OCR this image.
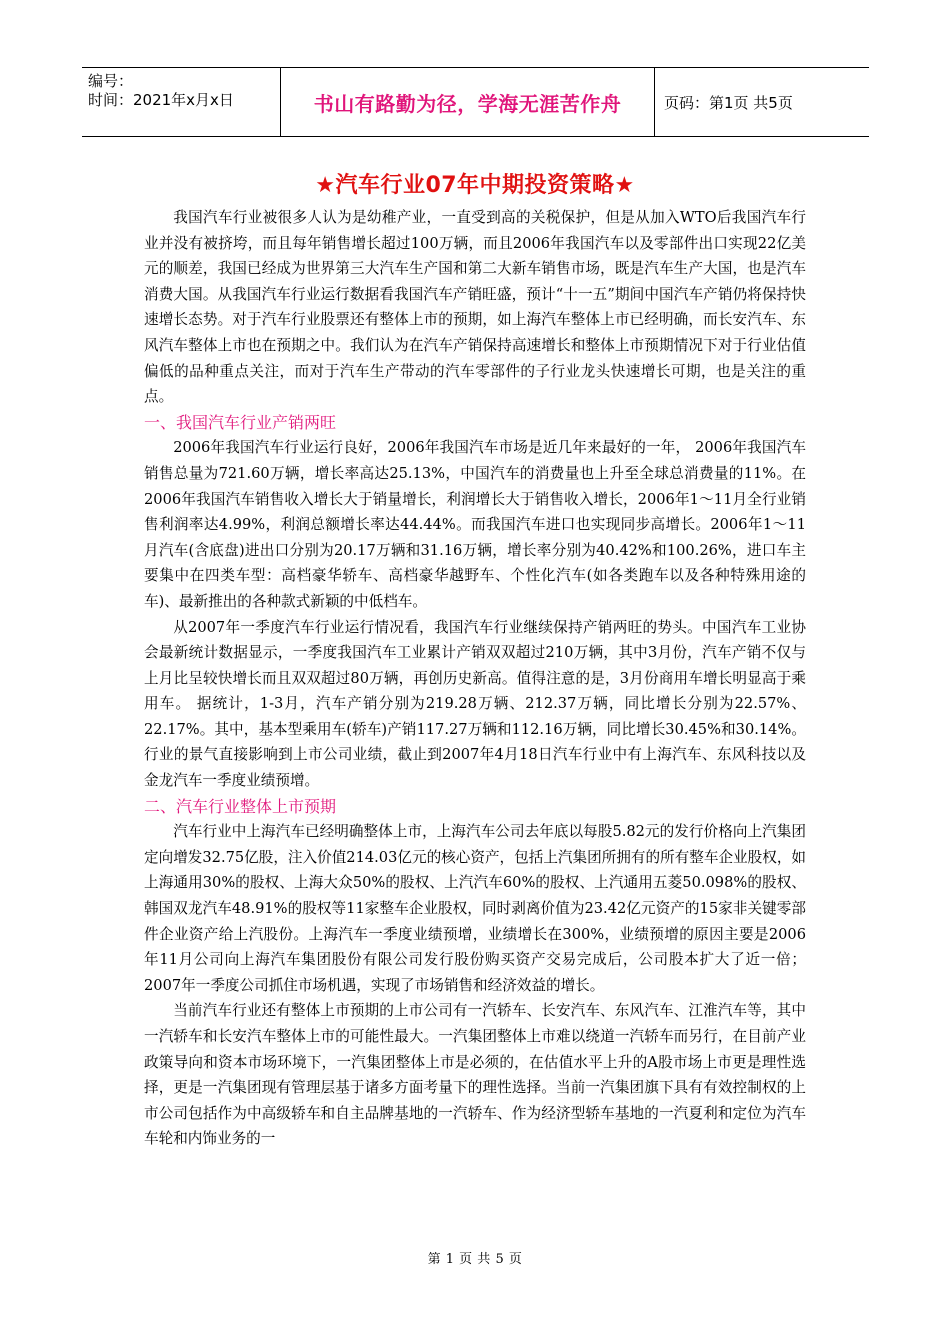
编号：
时间：2021年x月x日	书山有路勤为径，学海无涯苦作舟	页码：第1页 共5页
★汽车行业07年中期投资策略★

我国汽车行业被很多人认为是幼稚产业，一直受到高的关税保护，但是从加入WTO后我国汽车行业并没有被挤垮，而且每年销售增长超过100万辆，而且2006年我国汽车以及零部件出口实现22亿美元的顺差，我国已经成为世界第三大汽车生产国和第二大新车销售市场，既是汽车生产大国，也是汽车消费大国。从我国汽车行业运行数据看我国汽车产销旺盛，预计“十一五”期间中国汽车产销仍将保持快速增长态势。对于汽车行业股票还有整体上市的预期，如上海汽车整体上市已经明确，而长安汽车、东风汽车整体上市也在预期之中。我们认为在汽车产销保持高速增长和整体上市预期情况下对于行业估值偏低的品种重点关注，而对于汽车生产带动的汽车零部件的子行业龙头快速增长可期，也是关注的重点。

一、我国汽车行业产销两旺

2006年我国汽车行业运行良好，2006年我国汽车市场是近几年来最好的一年， 2006年我国汽车销售总量为721.60万辆，增长率高达25.13%，中国汽车的消费量也上升至全球总消费量的11%。在2006年我国汽车销售收入增长大于销量增长，利润增长大于销售收入增长，2006年1～11月全行业销售利润率达4.99%，利润总额增长率达44.44%。而我国汽车进口也实现同步高增长。2006年1～11月汽车(含底盘)进出口分别为20.17万辆和31.16万辆，增长率分别为40.42%和100.26%，进口车主要集中在四类车型：高档豪华轿车、高档豪华越野车、个性化汽车(如各类跑车以及各种特殊用途的车)、最新推出的各种款式新颖的中低档车。

从2007年一季度汽车行业运行情况看，我国汽车行业继续保持产销两旺的势头。中国汽车工业协会最新统计数据显示，一季度我国汽车工业累计产销双双超过210万辆，其中3月份，汽车产销不仅与上月比呈较快增长而且双双超过80万辆，再创历史新高。值得注意的是，3月份商用车增长明显高于乘用车。 据统计，1-3月，汽车产销分别为219.28万辆、212.37万辆，同比增长分别为22.57%、22.17%。其中，基本型乘用车(轿车)产销117.27万辆和112.16万辆，同比增长30.45%和30.14%。行业的景气直接影响到上市公司业绩，截止到2007年4月18日汽车行业中有上海汽车、东风科技以及金龙汽车一季度业绩预增。

二、汽车行业整体上市预期

汽车行业中上海汽车已经明确整体上市，上海汽车公司去年底以每股5.82元的发行价格向上汽集团定向增发32.75亿股，注入价值214.03亿元的核心资产，包括上汽集团所拥有的所有整车企业股权，如上海通用30%的股权、上海大众50%的股权、上汽汽车60%的股权、上汽通用五菱50.098%的股权、韩国双龙汽车48.91%的股权等11家整车企业股权，同时剥离价值为23.42亿元资产的15家非关键零部件企业资产给上汽股份。上海汽车一季度业绩预增，业绩增长在300%，业绩预增的原因主要是2006年11月公司向上海汽车集团股份有限公司发行股份购买资产交易完成后，公司股本扩大了近一倍；2007年一季度公司抓住市场机遇，实现了市场销售和经济效益的增长。

当前汽车行业还有整体上市预期的上市公司有一汽轿车、长安汽车、东风汽车、江淮汽车等，其中一汽轿车和长安汽车整体上市的可能性最大。一汽集团整体上市难以绕道一汽轿车而另行，在目前产业政策导向和资本市场环境下，一汽集团整体上市是必须的，在估值水平上升的A股市场上市更是理性选择，更是一汽集团现有管理层基于诸多方面考量下的理性选择。当前一汽集团旗下具有有效控制权的上市公司包括作为中高级轿车和自主品牌基地的一汽轿车、作为经济型轿车基地的一汽夏利和定位为汽车车轮和内饰业务的一

第 1 页 共 5 页
